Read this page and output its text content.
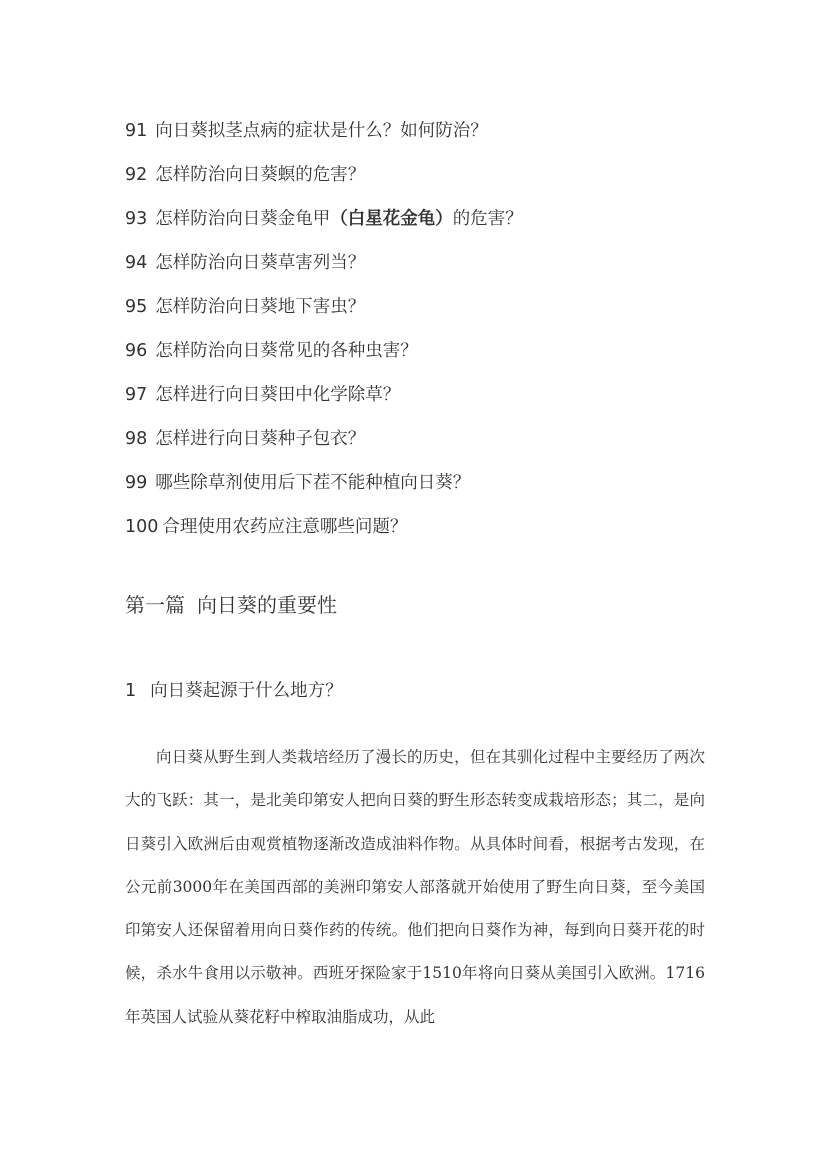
91 向日葵拟茎点病的症状是什么？如何防治？
92 怎样防治向日葵螟的危害？
93 怎样防治向日葵金龟甲（白星花金龟）的危害？
94 怎样防治向日葵草害列当？
95 怎样防治向日葵地下害虫？
96 怎样防治向日葵常见的各种虫害？
97 怎样进行向日葵田中化学除草？
98 怎样进行向日葵种子包衣？
99 哪些除草剂使用后下茬不能种植向日葵？
100 合理使用农药应注意哪些问题？
第一篇 向日葵的重要性
1 向日葵起源于什么地方？

向日葵从野生到人类栽培经历了漫长的历史，但在其驯化过程中主要经历了两次大的飞跃：其一，是北美印第安人把向日葵的野生形态转变成栽培形态；其二，是向日葵引入欧洲后由观赏植物逐渐改造成油料作物。从具体时间看，根据考古发现，在公元前3000年在美国西部的美洲印第安人部落就开始使用了野生向日葵，至今美国印第安人还保留着用向日葵作药的传统。他们把向日葵作为神，每到向日葵开花的时候，杀水牛食用以示敬神。西班牙探险家于1510年将向日葵从美国引入欧洲。1716年英国人试验从葵花籽中榨取油脂成功，从此
